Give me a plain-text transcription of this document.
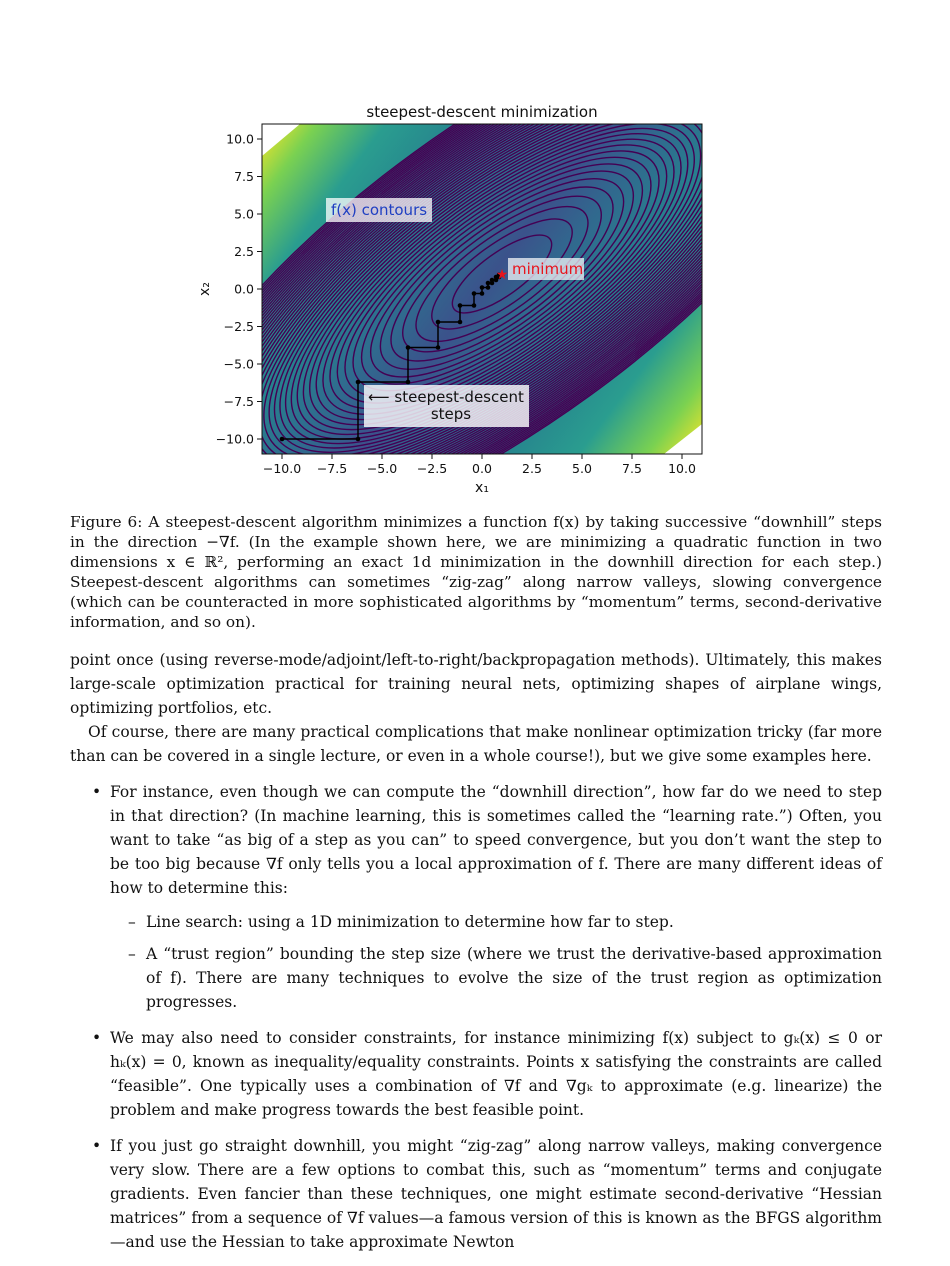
steepest-descent minimization
★
f(x) contours
minimum
⟵ steepest-descent
steps
−10.0 −7.5 −5.0 −2.5 0.0 2.5 5.0 7.5 10.0
−10.0
−7.5
−5.0
−2.5
0.0
2.5
5.0
7.5
10.0
x₁
x₂
Figure 6: A steepest-descent algorithm minimizes a function f(x) by taking successive “downhill” steps in the direction −∇f. (In the example shown here, we are minimizing a quadratic function in two dimensions x ∈ ℝ², performing an exact 1d minimization in the downhill direction for each step.) Steepest-descent algorithms can sometimes “zig-zag” along narrow valleys, slowing convergence (which can be counteracted in more sophisticated algorithms by “momentum” terms, second-derivative information, and so on).

point once (using reverse-mode/adjoint/left-to-right/backpropagation methods). Ultimately, this makes large-scale optimization practical for training neural nets, optimizing shapes of airplane wings, optimizing portfolios, etc.

Of course, there are many practical complications that make nonlinear optimization tricky (far more than can be covered in a single lecture, or even in a whole course!), but we give some examples here.

• For instance, even though we can compute the “downhill direction”, how far do we need to step in that direction? (In machine learning, this is sometimes called the “learning rate.”) Often, you want to take “as big of a step as you can” to speed convergence, but you don’t want the step to be too big because ∇f only tells you a local approximation of f. There are many different ideas of how to determine this:
– Line search: using a 1D minimization to determine how far to step.
– A “trust region” bounding the step size (where we trust the derivative-based approximation of f). There are many techniques to evolve the size of the trust region as optimization progresses.
• We may also need to consider constraints, for instance minimizing f(x) subject to gₖ(x) ≤ 0 or hₖ(x) = 0, known as inequality/equality constraints. Points x satisfying the constraints are called “feasible”. One typically uses a combination of ∇f and ∇gₖ to approximate (e.g. linearize) the problem and make progress towards the best feasible point.
• If you just go straight downhill, you might “zig-zag” along narrow valleys, making convergence very slow. There are a few options to combat this, such as “momentum” terms and conjugate gradients. Even fancier than these techniques, one might estimate second-derivative “Hessian matrices” from a sequence of ∇f values—a famous version of this is known as the BFGS algorithm—and use the Hessian to take approximate Newton
